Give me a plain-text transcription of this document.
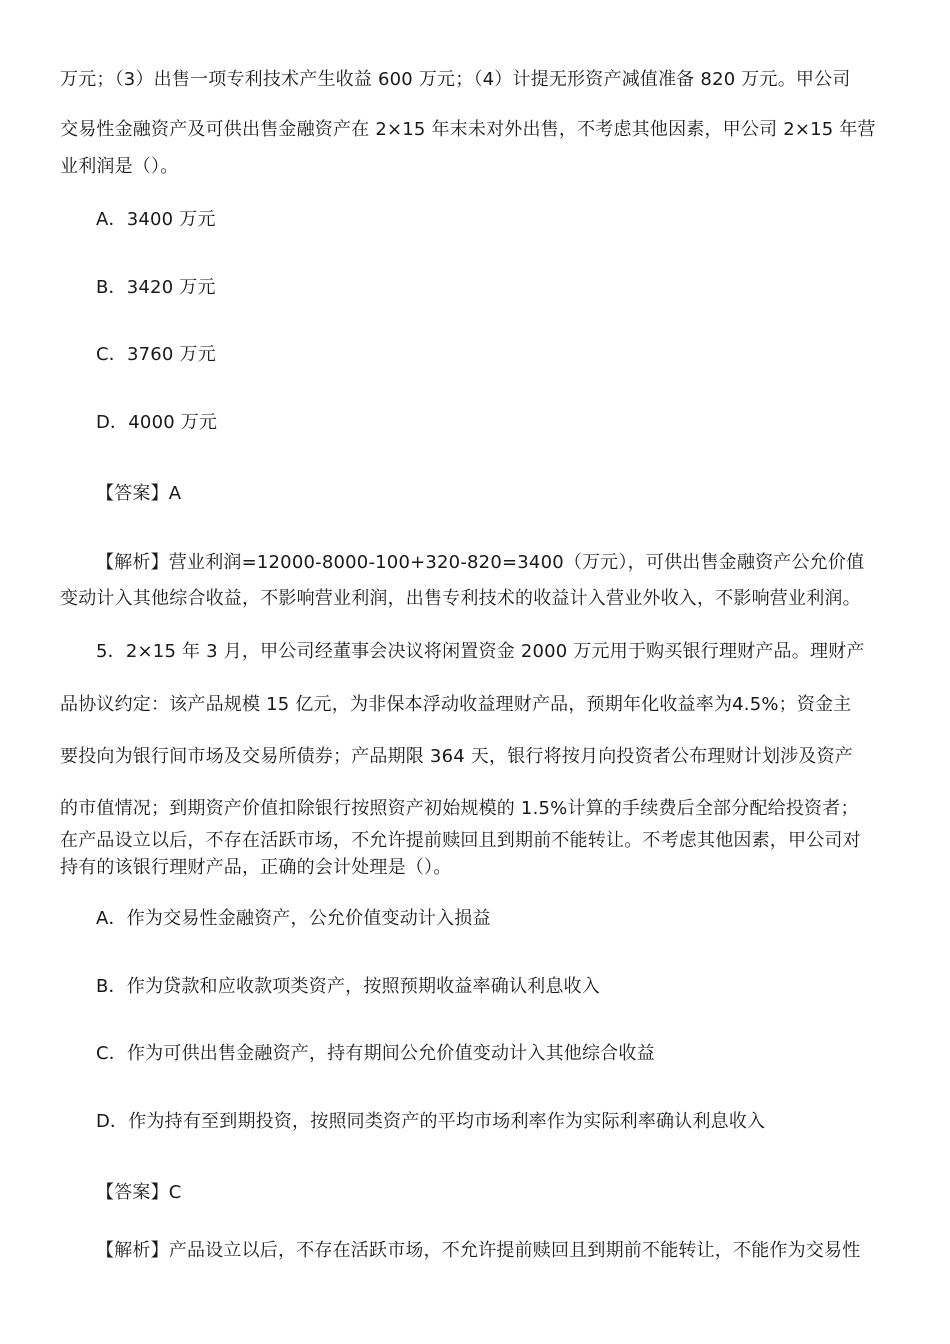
万元；（3）出售一项专利技术产生收益 600 万元；（4）计提无形资产减值准备 820 万元。甲公司
交易性金融资产及可供出售金融资产在 2×15 年末未对外出售，不考虑其他因素，甲公司 2×15 年营
业利润是（）。
A．3400 万元
B．3420 万元
C．3760 万元
D．4000 万元
【答案】A
【解析】营业利润=12000-8000-100+320-820=3400（万元），可供出售金融资产公允价值
变动计入其他综合收益，不影响营业利润，出售专利技术的收益计入营业外收入，不影响营业利润。
5．2×15 年 3 月，甲公司经董事会决议将闲置资金 2000 万元用于购买银行理财产品。理财产
品协议约定：该产品规模 15 亿元，为非保本浮动收益理财产品，预期年化收益率为4.5%；资金主
要投向为银行间市场及交易所债券；产品期限 364 天，银行将按月向投资者公布理财计划涉及资产
的市值情况；到期资产价值扣除银行按照资产初始规模的 1.5%计算的手续费后全部分配给投资者；
在产品设立以后，不存在活跃市场，不允许提前赎回且到期前不能转让。不考虑其他因素，甲公司对
持有的该银行理财产品，正确的会计处理是（）。
A．作为交易性金融资产，公允价值变动计入损益
B．作为贷款和应收款项类资产，按照预期收益率确认利息收入
C．作为可供出售金融资产，持有期间公允价值变动计入其他综合收益
D．作为持有至到期投资，按照同类资产的平均市场利率作为实际利率确认利息收入
【答案】C
【解析】产品设立以后，不存在活跃市场，不允许提前赎回且到期前不能转让，不能作为交易性
